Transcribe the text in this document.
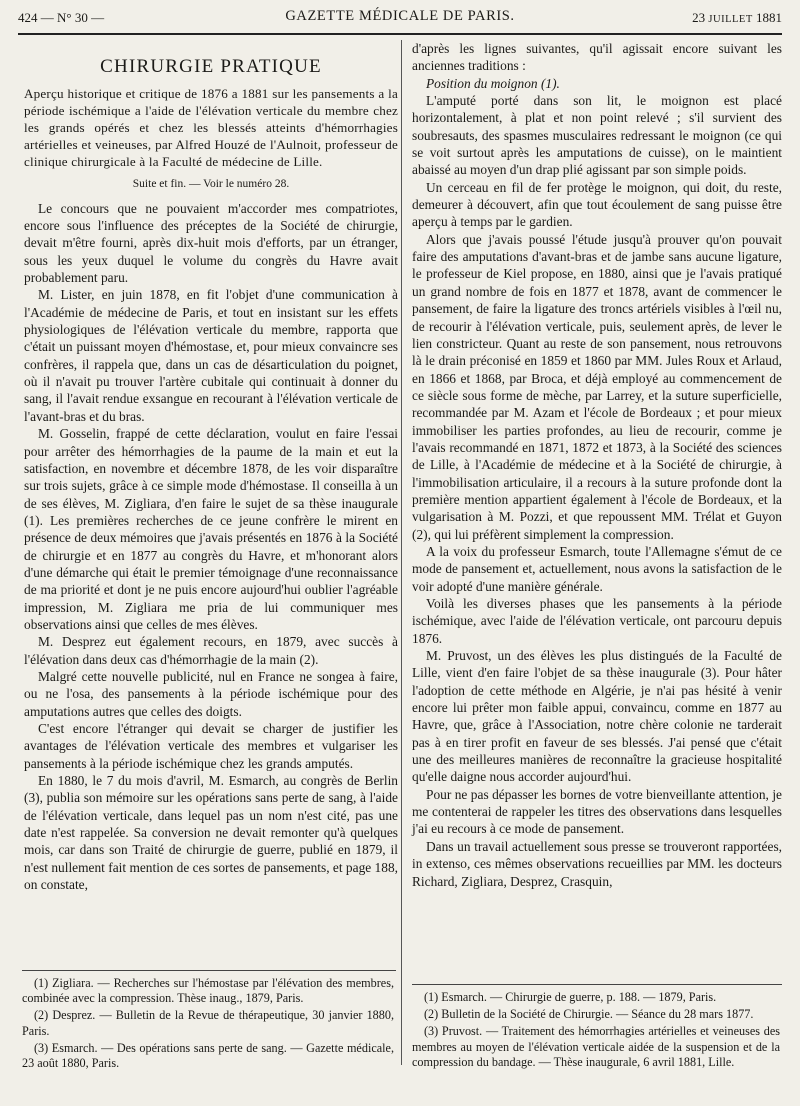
424 — N° 30 —	GAZETTE MÉDICALE DE PARIS.	23 JUILLET 1881
CHIRURGIE PRATIQUE

Aperçu historique et critique de 1876 a 1881 sur les pansements a la période ischémique a l'aide de l'élévation verticale du membre chez les grands opérés et chez les blessés atteints d'hémorrhagies artérielles et veineuses, par Alfred Houzé de l'Aulnoit, professeur de clinique chirurgicale à la Faculté de médecine de Lille.

Suite et fin. — Voir le numéro 28.

Le concours que ne pouvaient m'accorder mes compatriotes, encore sous l'influence des préceptes de la Société de chirurgie, devait m'être fourni, après dix-huit mois d'efforts, par un étranger, sous les yeux duquel le volume du congrès du Havre avait probablement paru.

M. Lister, en juin 1878, en fit l'objet d'une communication à l'Académie de médecine de Paris, et tout en insistant sur les effets physiologiques de l'élévation verticale du membre, rapporta que c'était un puissant moyen d'hémostase, et, pour mieux convaincre ses confrères, il rappela que, dans un cas de désarticulation du poignet, où il n'avait pu trouver l'artère cubitale qui continuait à donner du sang, il l'avait rendue exsangue en recourant à l'élévation verticale de l'avant-bras et du bras.

M. Gosselin, frappé de cette déclaration, voulut en faire l'essai pour arrêter des hémorrhagies de la paume de la main et eut la satisfaction, en novembre et décembre 1878, de les voir disparaître sur trois sujets, grâce à ce simple mode d'hémostase. Il conseilla à un de ses élèves, M. Zigliara, d'en faire le sujet de sa thèse inaugurale (1). Les premières recherches de ce jeune confrère le mirent en présence de deux mémoires que j'avais présentés en 1876 à la Société de chirurgie et en 1877 au congrès du Havre, et m'honorant alors d'une démarche qui était le premier témoignage d'une reconnaissance de ma priorité et dont je ne puis encore aujourd'hui oublier l'agréable impression, M. Zigliara me pria de lui communiquer mes observations ainsi que celles de mes élèves.

M. Desprez eut également recours, en 1879, avec succès à l'élévation dans deux cas d'hémorrhagie de la main (2).

Malgré cette nouvelle publicité, nul en France ne songea à faire, ou ne l'osa, des pansements à la période ischémique pour des amputations autres que celles des doigts.

C'est encore l'étranger qui devait se charger de justifier les avantages de l'élévation verticale des membres et vulgariser les pansements à la période ischémique chez les grands amputés.

En 1880, le 7 du mois d'avril, M. Esmarch, au congrès de Berlin (3), publia son mémoire sur les opérations sans perte de sang, à l'aide de l'élévation verticale, dans lequel pas un nom n'est cité, pas une date n'est rappelée. Sa conversion ne devait remonter qu'à quelques mois, car dans son Traité de chirurgie de guerre, publié en 1879, il n'est nullement fait mention de ces sortes de pansements, et page 188, on constate,

d'après les lignes suivantes, qu'il agissait encore suivant les anciennes traditions :

Position du moignon (1).

L'amputé porté dans son lit, le moignon est placé horizontalement, à plat et non point relevé ; s'il survient des soubresauts, des spasmes musculaires redressant le moignon (ce qui se voit surtout après les amputations de cuisse), on le maintient abaissé au moyen d'un drap plié agissant par son simple poids.

Un cerceau en fil de fer protège le moignon, qui doit, du reste, demeurer à découvert, afin que tout écoulement de sang puisse être aperçu à temps par le gardien.

Alors que j'avais poussé l'étude jusqu'à prouver qu'on pouvait faire des amputations d'avant-bras et de jambe sans aucune ligature, le professeur de Kiel propose, en 1880, ainsi que je l'avais pratiqué un grand nombre de fois en 1877 et 1878, avant de commencer le pansement, de faire la ligature des troncs artériels visibles à l'œil nu, de recourir à l'élévation verticale, puis, seulement après, de lever le lien constricteur. Quant au reste de son pansement, nous retrouvons là le drain préconisé en 1859 et 1860 par MM. Jules Roux et Arlaud, en 1866 et 1868, par Broca, et déjà employé au commencement de ce siècle sous forme de mèche, par Larrey, et la suture superficielle, recommandée par M. Azam et l'école de Bordeaux ; et pour mieux immobiliser les parties profondes, au lieu de recourir, comme je l'avais recommandé en 1871, 1872 et 1873, à la Société des sciences de Lille, à l'Académie de médecine et à la Société de chirurgie, à l'immobilisation articulaire, il a recours à la suture profonde dont la première mention appartient également à l'école de Bordeaux, et la vulgarisation à M. Pozzi, et que repoussent MM. Trélat et Guyon (2), qui lui préfèrent simplement la compression.

A la voix du professeur Esmarch, toute l'Allemagne s'émut de ce mode de pansement et, actuellement, nous avons la satisfaction de le voir adopté d'une manière générale.

Voilà les diverses phases que les pansements à la période ischémique, avec l'aide de l'élévation verticale, ont parcouru depuis 1876.

M. Pruvost, un des élèves les plus distingués de la Faculté de Lille, vient d'en faire l'objet de sa thèse inaugurale (3). Pour hâter l'adoption de cette méthode en Algérie, je n'ai pas hésité à venir encore lui prêter mon faible appui, convaincu, comme en 1877 au Havre, que, grâce à l'Association, notre chère colonie ne tarderait pas à en tirer profit en faveur de ses blessés. J'ai pensé que c'était une des meilleures manières de reconnaître la gracieuse hospitalité qu'elle daigne nous accorder aujourd'hui.

Pour ne pas dépasser les bornes de votre bienveillante attention, je me contenterai de rappeler les titres des observations dans lesquelles j'ai eu recours à ce mode de pansement.

Dans un travail actuellement sous presse se trouveront rapportées, in extenso, ces mêmes observations recueillies par MM. les docteurs Richard, Zigliara, Desprez, Crasquin,

(1) Zigliara. — Recherches sur l'hémostase par l'élévation des membres, combinée avec la compression. Thèse inaug., 1879, Paris.

(2) Desprez. — Bulletin de la Revue de thérapeutique, 30 janvier 1880, Paris.

(3) Esmarch. — Des opérations sans perte de sang. — Gazette médicale, 23 août 1880, Paris.

(1) Esmarch. — Chirurgie de guerre, p. 188. — 1879, Paris.

(2) Bulletin de la Société de Chirurgie. — Séance du 28 mars 1877.

(3) Pruvost. — Traitement des hémorrhagies artérielles et veineuses des membres au moyen de l'élévation verticale aidée de la suspension et de la compression du bandage. — Thèse inaugurale, 6 avril 1881, Lille.
